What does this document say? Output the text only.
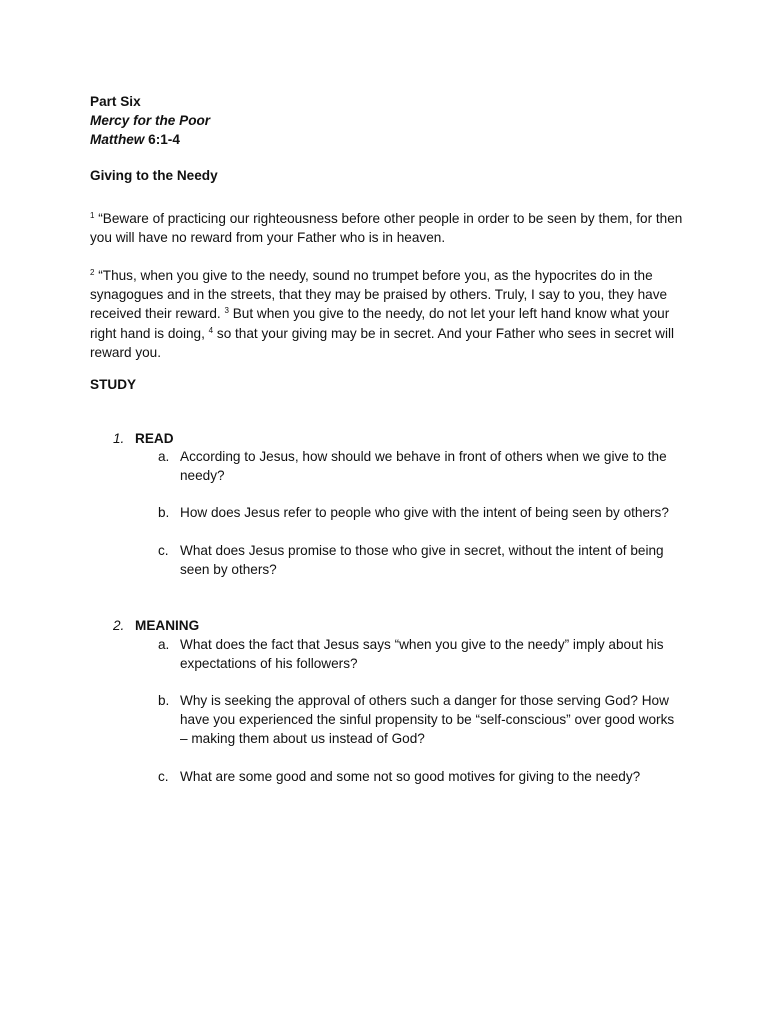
Part Six
Mercy for the Poor
Matthew 6:1-4
Giving to the Needy
$^1$ “Beware of practicing our righteousness before other people in order to be seen by them, for then you will have no reward from your Father who is in heaven.
$^2$ “Thus, when you give to the needy, sound no trumpet before you, as the hypocrites do in the synagogues and in the streets, that they may be praised by others. Truly, I say to you, they have received their reward. $^3$ But when you give to the needy, do not let your left hand know what your right hand is doing, $^4$ so that your giving may be in secret. And your Father who sees in secret will reward you.
STUDY
1. READ
a. According to Jesus, how should we behave in front of others when we give to the needy?
b. How does Jesus refer to people who give with the intent of being seen by others?
c. What does Jesus promise to those who give in secret, without the intent of being seen by others?
2. MEANING
a. What does the fact that Jesus says “when you give to the needy” imply about his expectations of his followers?
b. Why is seeking the approval of others such a danger for those serving God? How have you experienced the sinful propensity to be “self-conscious” over good works – making them about us instead of God?
c. What are some good and some not so good motives for giving to the needy?
